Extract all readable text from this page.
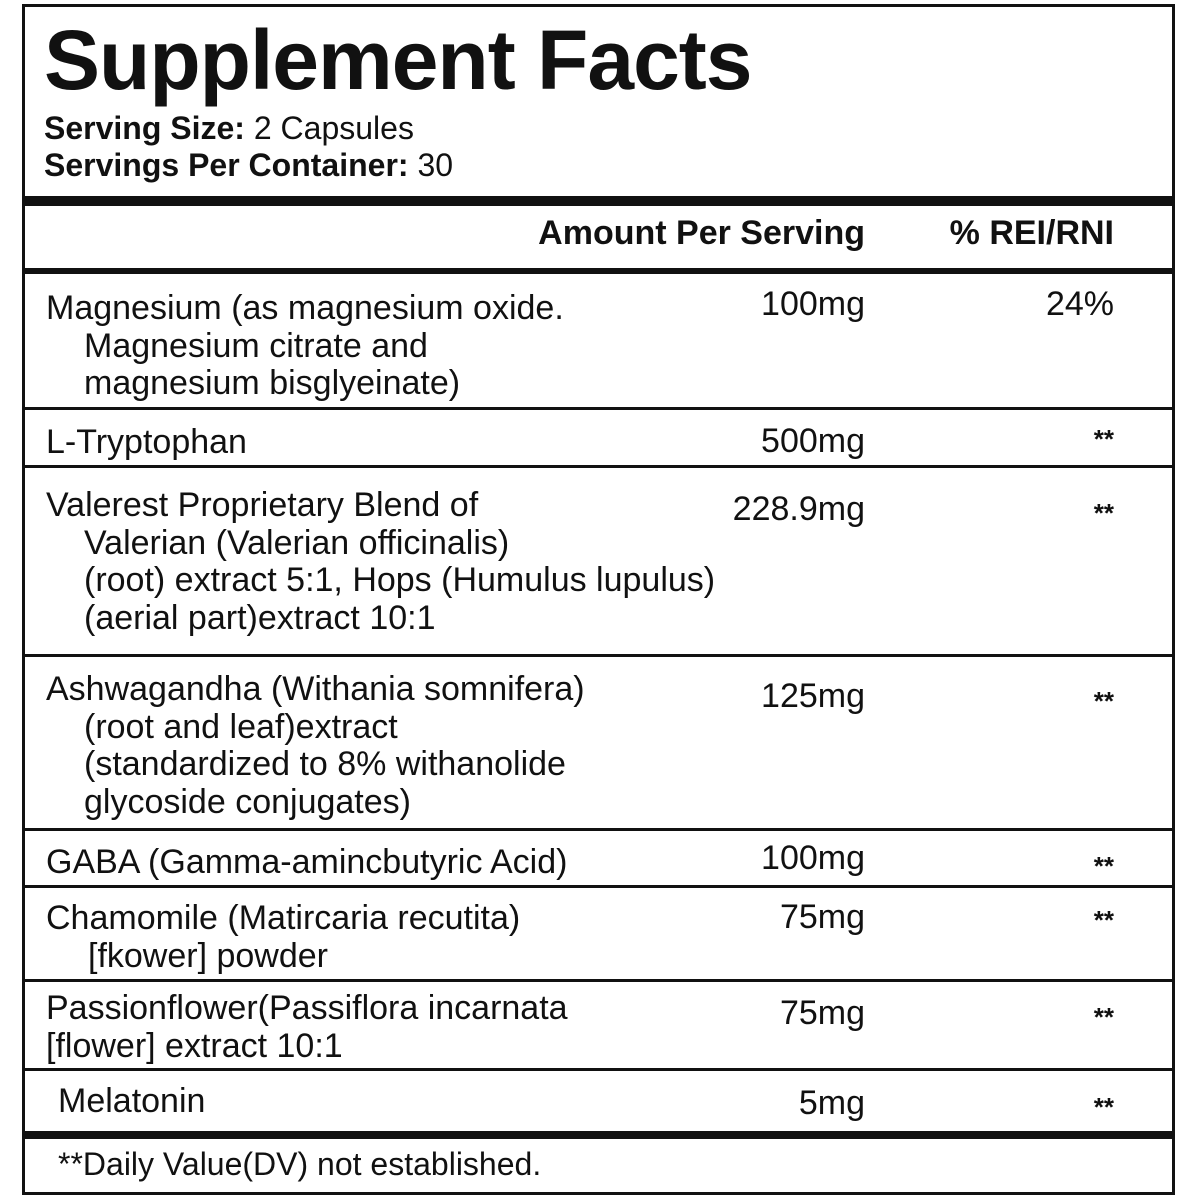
Supplement Facts
Serving Size: 2 Capsules
Servings Per Container: 30
Amount Per Serving % REI/RNI
Magnesium (as magnesium oxide.
Magnesium citrate and
magnesium bisglyeinate)
100mg	24%
L-Tryptophan	500mg	**
Valerest Proprietary Blend of
Valerian (Valerian officinalis)
(root) extract 5:1, Hops (Humulus lupulus)
(aerial part)extract 10:1
228.9mg	**
Ashwagandha (Withania somnifera)
(root and leaf)extract
(standardized to 8% withanolide
glycoside conjugates)
125mg	**
GABA (Gamma-amincbutyric Acid)	100mg	**
Chamomile (Matircaria recutita)
[fkower] powder
75mg	**
Passionflower(Passiflora incarnata
[flower] extract 10:1
75mg	**
Melatonin	5mg	**
**Daily Value(DV) not established.
